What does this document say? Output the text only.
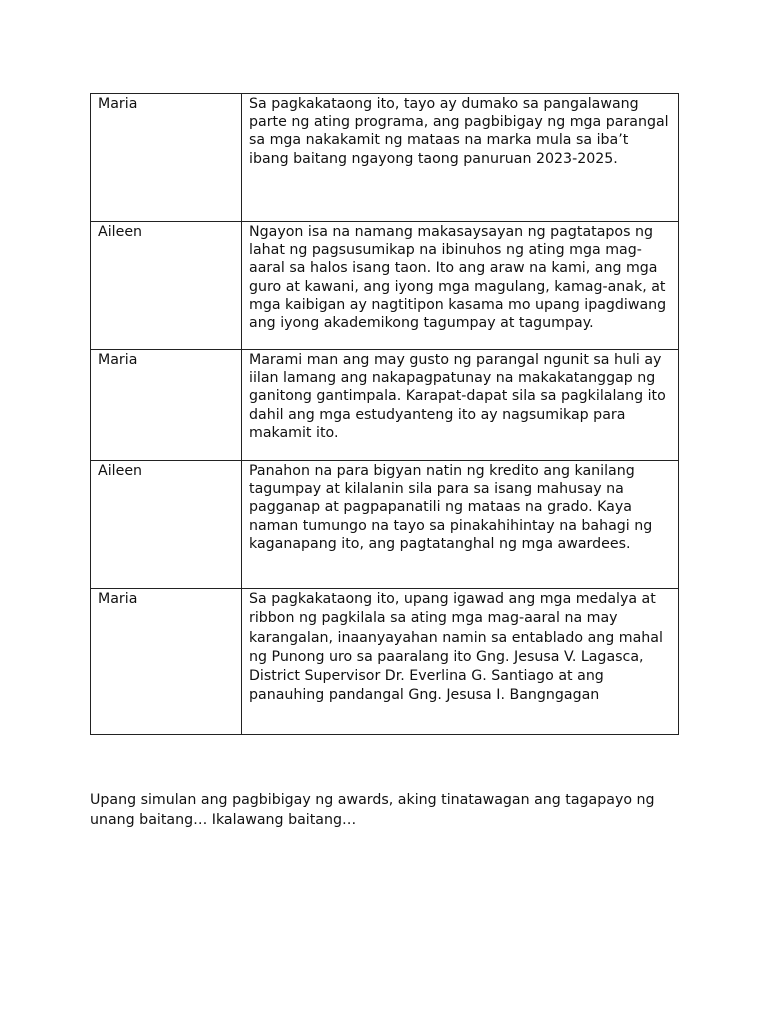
Maria	Sa pagkakataong ito, tayo ay dumako sa pangalawang parte ng ating programa, ang pagbibigay ng mga parangal sa mga nakakamit ng mataas na marka mula sa iba’t ibang baitang ngayong taong panuruan 2023-2025.
Aileen	Ngayon isa na namang makasaysayan ng pagtatapos ng lahat ng pagsusumikap na ibinuhos ng ating mga mag-aaral sa halos isang taon. Ito ang araw na kami, ang mga guro at kawani, ang iyong mga magulang, kamag-anak, at mga kaibigan ay nagtitipon kasama mo upang ipagdiwang ang iyong akademikong tagumpay at tagumpay.
Maria	Marami man ang may gusto ng parangal ngunit sa huli ay iilan lamang ang nakapagpatunay na makakatanggap ng ganitong gantimpala. Karapat-dapat sila sa pagkilalang ito dahil ang mga estudyanteng ito ay nagsumikap para makamit ito.
Aileen	Panahon na para bigyan natin ng kredito ang kanilang tagumpay at kilalanin sila para sa isang mahusay na pagganap at pagpapanatili ng mataas na grado. Kaya naman tumungo na tayo sa pinakahihintay na bahagi ng kaganapang ito, ang pagtatanghal ng mga awardees.
Maria	Sa pagkakataong ito, upang igawad ang mga medalya at ribbon ng pagkilala sa ating mga mag-aaral na may karangalan, inaanyayahan namin sa entablado ang mahal ng Punong uro sa paaralang ito Gng. Jesusa V. Lagasca, District Supervisor Dr. Everlina G. Santiago at ang panauhing pandangal Gng. Jesusa I. Bangngagan

Upang simulan ang pagbibigay ng awards, aking tinatawagan ang tagapayo ng unang baitang… Ikalawang baitang…
